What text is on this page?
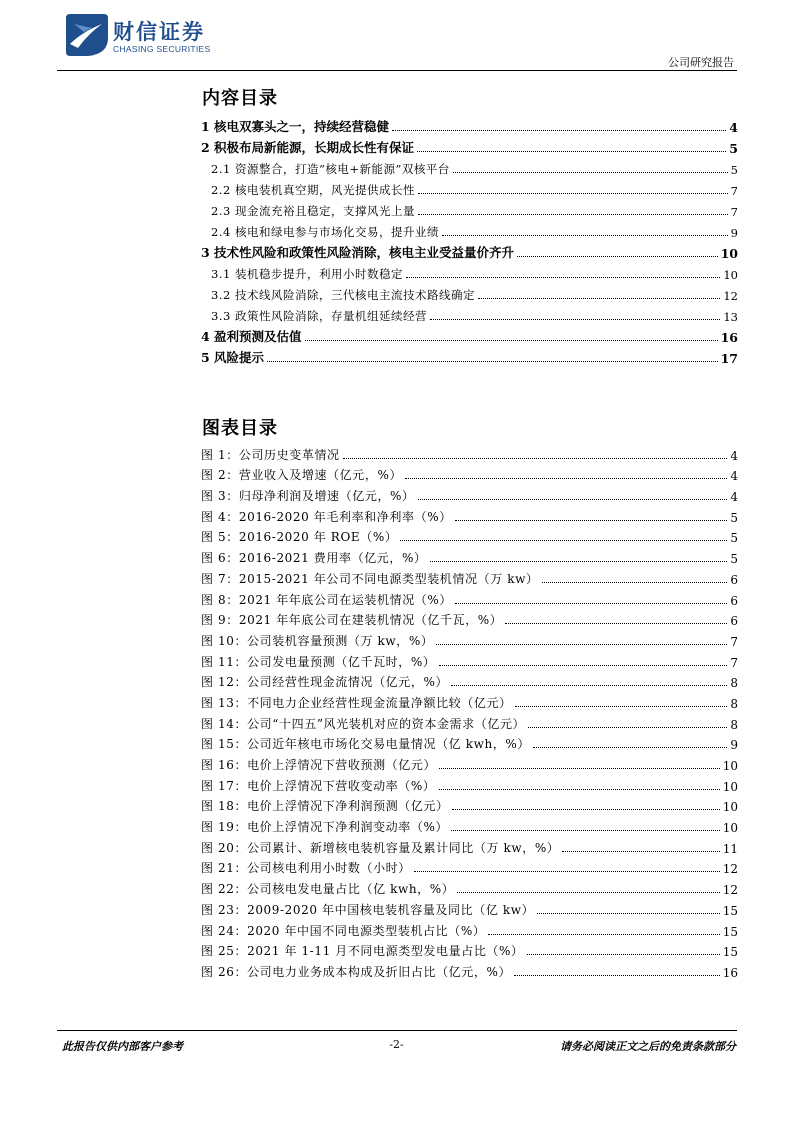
财信证券
CHASING SECURITIES
公司研究报告
内容目录
1 核电双寡头之一，持续经营稳健	4
2 积极布局新能源，长期成长性有保证	5
2.1 资源整合，打造“核电+新能源”双核平台	5
2.2 核电装机真空期，风光提供成长性	7
2.3 现金流充裕且稳定，支撑风光上量	7
2.4 核电和绿电参与市场化交易，提升业绩	9
3 技术性风险和政策性风险消除，核电主业受益量价齐升	10
3.1 装机稳步提升，利用小时数稳定	10
3.2 技术线风险消除，三代核电主流技术路线确定	12
3.3 政策性风险消除，存量机组延续经营	13
4 盈利预测及估值	16
5 风险提示	17
图表目录
图 1：公司历史变革情况	4
图 2：营业收入及增速（亿元，%）	4
图 3：归母净利润及增速（亿元，%）	4
图 4：2016-2020 年毛利率和净利率（%）	5
图 5：2016-2020 年 ROE（%）	5
图 6：2016-2021 费用率（亿元，%）	5
图 7：2015-2021 年公司不同电源类型装机情况（万 kw）	6
图 8：2021 年年底公司在运装机情况（%）	6
图 9：2021 年年底公司在建装机情况（亿千瓦，%）	6
图 10：公司装机容量预测（万 kw，%）	7
图 11：公司发电量预测（亿千瓦时，%）	7
图 12：公司经营性现金流情况（亿元，%）	8
图 13：不同电力企业经营性现金流量净额比较（亿元）	8
图 14：公司“十四五”风光装机对应的资本金需求（亿元）	8
图 15：公司近年核电市场化交易电量情况（亿 kwh，%）	9
图 16：电价上浮情况下营收预测（亿元）	10
图 17：电价上浮情况下营收变动率（%）	10
图 18：电价上浮情况下净利润预测（亿元）	10
图 19：电价上浮情况下净利润变动率（%）	10
图 20：公司累计、新增核电装机容量及累计同比（万 kw，%）	11
图 21：公司核电利用小时数（小时）	12
图 22：公司核电发电量占比（亿 kwh，%）	12
图 23：2009-2020 年中国核电装机容量及同比（亿 kw）	15
图 24：2020 年中国不同电源类型装机占比（%）	15
图 25：2021 年 1-11 月不同电源类型发电量占比（%）	15
图 26：公司电力业务成本构成及折旧占比（亿元，%）	16
此报告仅供内部客户参考	-2-	请务必阅读正文之后的免责条款部分
